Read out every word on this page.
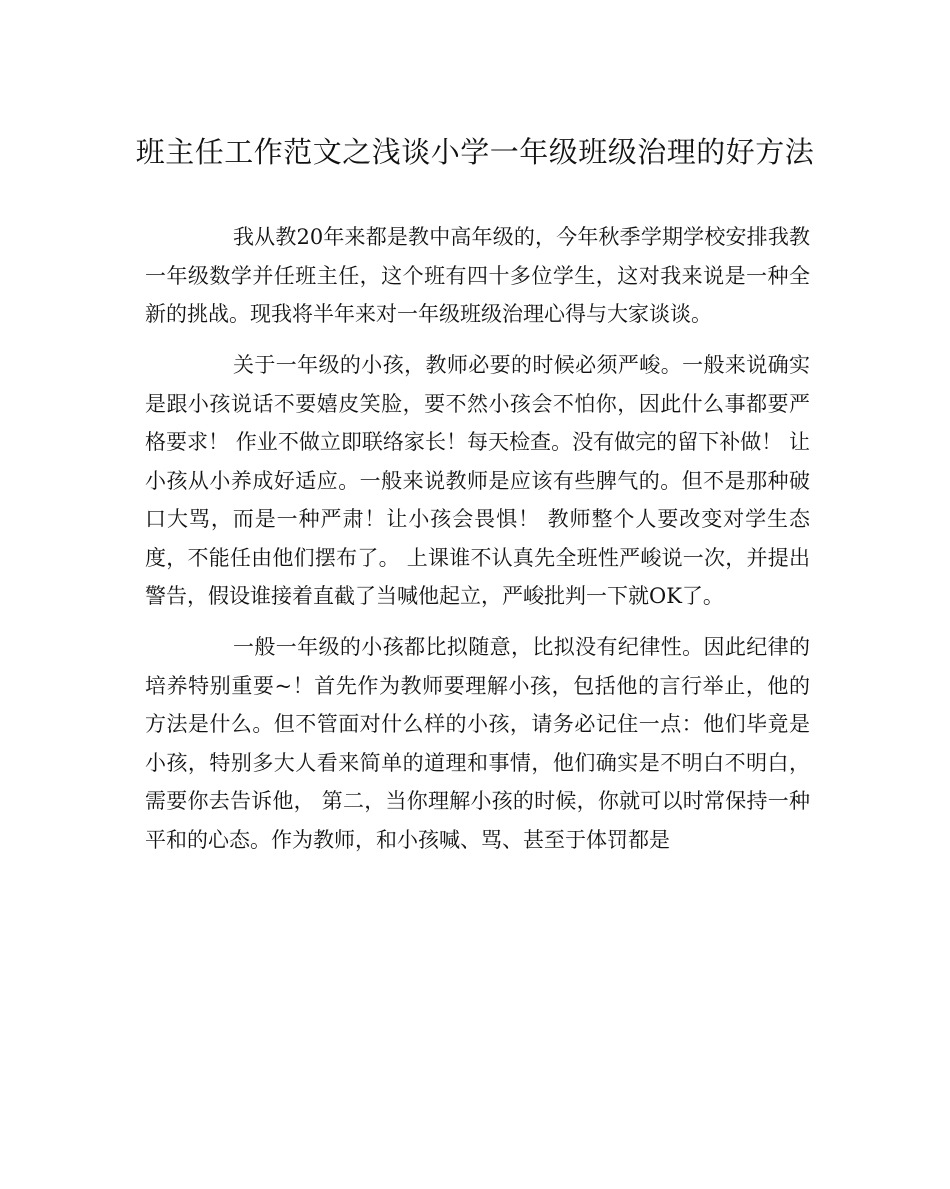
班主任工作范文之浅谈小学一年级班级治理的好方法

我从教20年来都是教中高年级的，今年秋季学期学校安排我教一年级数学并任班主任，这个班有四十多位学生，这对我来说是一种全新的挑战。现我将半年来对一年级班级治理心得与大家谈谈。

关于一年级的小孩，教师必要的时候必须严峻。一般来说确实是跟小孩说话不要嬉皮笑脸，要不然小孩会不怕你，因此什么事都要严格要求！ 作业不做立即联络家长！每天检查。没有做完的留下补做！ 让小孩从小养成好适应。一般来说教师是应该有些脾气的。但不是那种破口大骂，而是一种严肃！让小孩会畏惧！ 教师整个人要改变对学生态度，不能任由他们摆布了。 上课谁不认真先全班性严峻说一次，并提出警告，假设谁接着直截了当喊他起立，严峻批判一下就OK了。

一般一年级的小孩都比拟随意，比拟没有纪律性。因此纪律的培养特别重要~！首先作为教师要理解小孩，包括他的言行举止，他的方法是什么。但不管面对什么样的小孩，请务必记住一点：他们毕竟是小孩，特别多大人看来简单的道理和事情，他们确实是不明白不明白，需要你去告诉他， 第二，当你理解小孩的时候，你就可以时常保持一种平和的心态。作为教师，和小孩喊、骂、甚至于体罚都是
